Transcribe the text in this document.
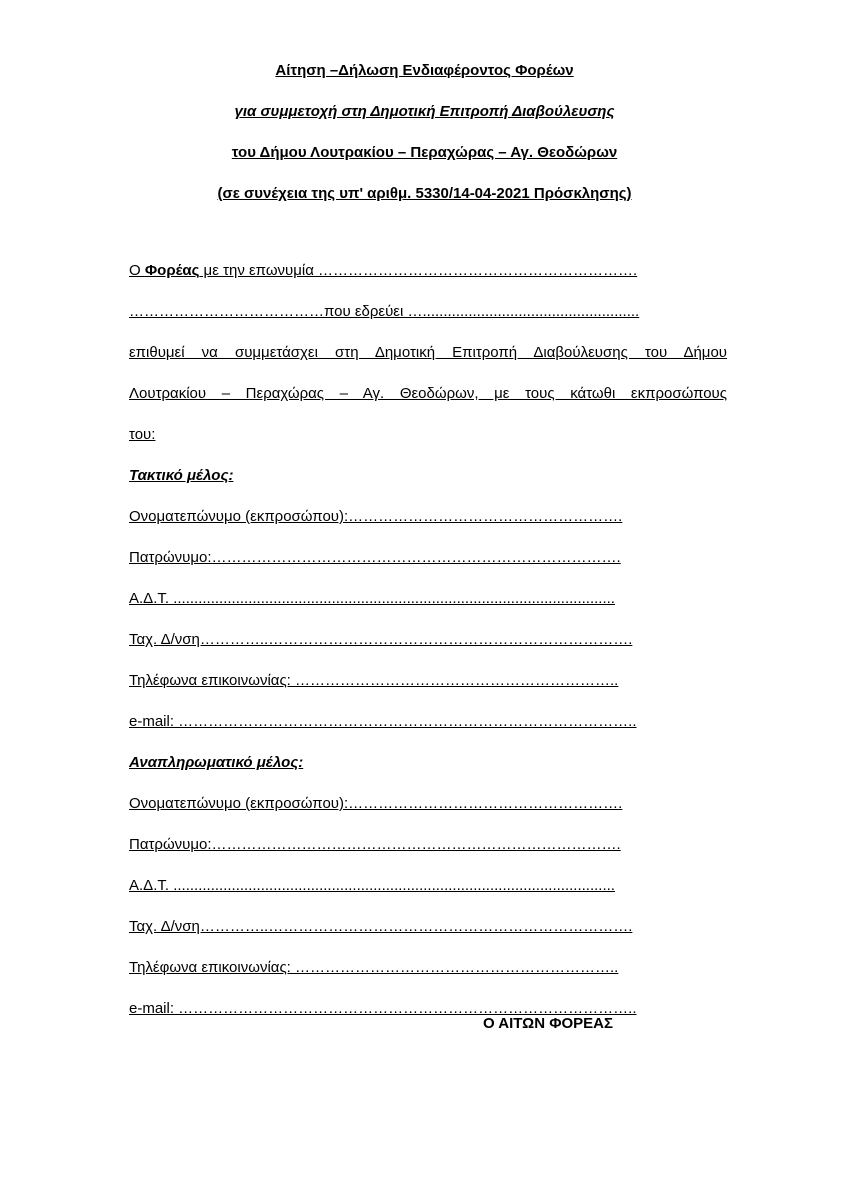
Αίτηση –Δήλωση Ενδιαφέροντος Φορέων
για συμμετοχή στη Δημοτική Επιτροπή Διαβούλευσης
του Δήμου Λουτρακίου – Περαχώρας – Αγ. Θεοδώρων
(σε συνέχεια της υπ' αριθμ. 5330/14-04-2021 Πρόσκλησης)
Ο Φορέας με την επωνυμία ……………………………………………………….
…………………………………που εδρεύει …....................................................
επιθυμεί να συμμετάσχει στη Δημοτική Επιτροπή Διαβούλευσης του Δήμου
Λουτρακίου – Περαχώρας – Αγ. Θεοδώρων, με τους κάτωθι εκπροσώπους
του:
Τακτικό μέλος:
Ονοματεπώνυμο (εκπροσώπου):……………………………………………….
Πατρώνυμο:……………………………………………………………………….
Α.Δ.Τ. ..........................................................................................................
Ταχ. Δ/νση…………..……………………………………………………………….
Τηλέφωνα επικοινωνίας: ………………………………………………………..
e-mail: ………………………………………………………………………………..
Αναπληρωματικό μέλος:
Ονοματεπώνυμο (εκπροσώπου):……………………………………………….
Πατρώνυμο:……………………………………………………………………….
Α.Δ.Τ. ..........................................................................................................
Ταχ. Δ/νση…………..……………………………………………………………….
Τηλέφωνα επικοινωνίας: ………………………………………………………..
e-mail: ………………………………………………………………………………..
Ο ΑΙΤΩΝ ΦΟΡΕΑΣ
